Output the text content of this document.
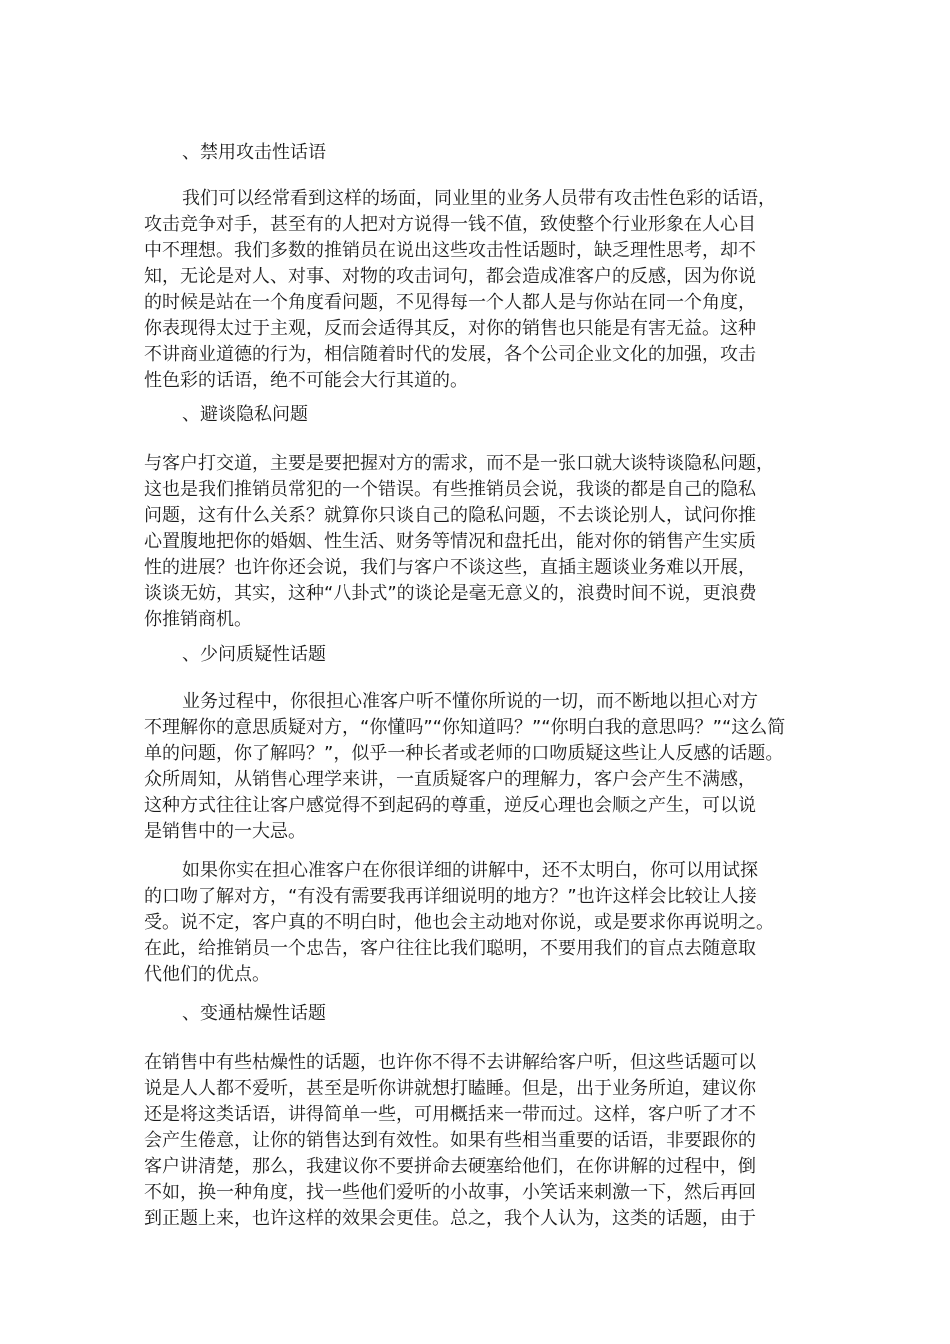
、禁用攻击性话语
我们可以经常看到这样的场面，同业里的业务人员带有攻击性色彩的话语，
攻击竞争对手，甚至有的人把对方说得一钱不值，致使整个行业形象在人心目
中不理想。我们多数的推销员在说出这些攻击性话题时，缺乏理性思考，却不
知，无论是对人、对事、对物的攻击词句，都会造成准客户的反感，因为你说
的时候是站在一个角度看问题，不见得每一个人都人是与你站在同一个角度，
你表现得太过于主观，反而会适得其反，对你的销售也只能是有害无益。这种
不讲商业道德的行为，相信随着时代的发展，各个公司企业文化的加强，攻击
性色彩的话语，绝不可能会大行其道的。
、避谈隐私问题
与客户打交道，主要是要把握对方的需求，而不是一张口就大谈特谈隐私问题，
这也是我们推销员常犯的一个错误。有些推销员会说，我谈的都是自己的隐私
问题，这有什么关系？就算你只谈自己的隐私问题，不去谈论别人，试问你推
心置腹地把你的婚姻、性生活、财务等情况和盘托出，能对你的销售产生实质
性的进展？也许你还会说，我们与客户不谈这些，直插主题谈业务难以开展，
谈谈无妨，其实，这种“八卦式”的谈论是毫无意义的，浪费时间不说，更浪费
你推销商机。
、少问质疑性话题
业务过程中，你很担心准客户听不懂你所说的一切，而不断地以担心对方
不理解你的意思质疑对方，“你懂吗”“你知道吗？”“你明白我的意思吗？”“这么简
单的问题，你了解吗？”，似乎一种长者或老师的口吻质疑这些让人反感的话题。
众所周知，从销售心理学来讲，一直质疑客户的理解力，客户会产生不满感，
这种方式往往让客户感觉得不到起码的尊重，逆反心理也会顺之产生，可以说
是销售中的一大忌。
如果你实在担心准客户在你很详细的讲解中，还不太明白，你可以用试探
的口吻了解对方，“有没有需要我再详细说明的地方？”也许这样会比较让人接
受。说不定，客户真的不明白时，他也会主动地对你说，或是要求你再说明之。
在此，给推销员一个忠告，客户往往比我们聪明，不要用我们的盲点去随意取
代他们的优点。
、变通枯燥性话题
在销售中有些枯燥性的话题，也许你不得不去讲解给客户听，但这些话题可以
说是人人都不爱听，甚至是听你讲就想打瞌睡。但是，出于业务所迫，建议你
还是将这类话语，讲得简单一些，可用概括来一带而过。这样，客户听了才不
会产生倦意，让你的销售达到有效性。如果有些相当重要的话语，非要跟你的
客户讲清楚，那么，我建议你不要拼命去硬塞给他们，在你讲解的过程中，倒
不如，换一种角度，找一些他们爱听的小故事，小笑话来刺激一下，然后再回
到正题上来，也许这样的效果会更佳。总之，我个人认为，这类的话题，由于
